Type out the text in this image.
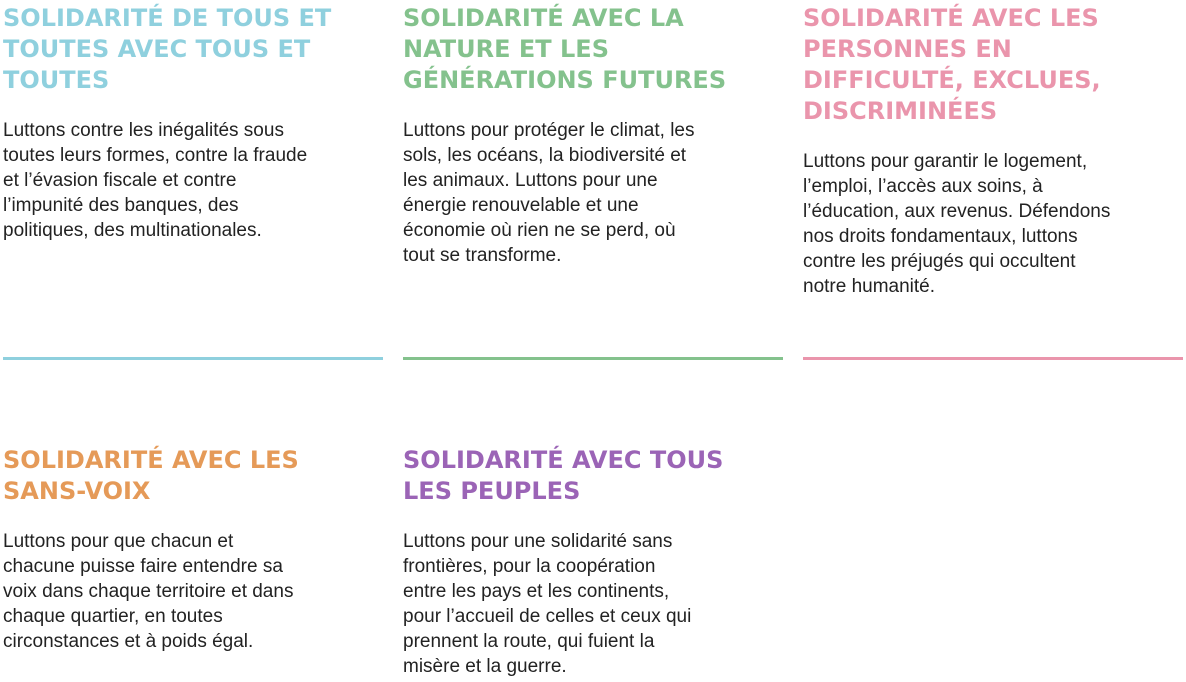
SOLIDARITÉ DE TOUS ET
TOUTES AVEC TOUS ET
TOUTES

Luttons contre les inégalités sous
toutes leurs formes, contre la fraude
et l’évasion fiscale et contre
l’impunité des banques, des
politiques, des multinationales.

SOLIDARITÉ AVEC LA
NATURE ET LES
GÉNÉRATIONS FUTURES

Luttons pour protéger le climat, les
sols, les océans, la biodiversité et
les animaux. Luttons pour une
énergie renouvelable et une
économie où rien ne se perd, où
tout se transforme.

SOLIDARITÉ AVEC LES
PERSONNES EN
DIFFICULTÉ, EXCLUES,
DISCRIMINÉES

Luttons pour garantir le logement,
l’emploi, l’accès aux soins, à
l’éducation, aux revenus. Défendons
nos droits fondamentaux, luttons
contre les préjugés qui occultent
notre humanité.

SOLIDARITÉ AVEC LES
SANS-VOIX

Luttons pour que chacun et
chacune puisse faire entendre sa
voix dans chaque territoire et dans
chaque quartier, en toutes
circonstances et à poids égal.

SOLIDARITÉ AVEC TOUS
LES PEUPLES

Luttons pour une solidarité sans
frontières, pour la coopération
entre les pays et les continents,
pour l’accueil de celles et ceux qui
prennent la route, qui fuient la
misère et la guerre.
